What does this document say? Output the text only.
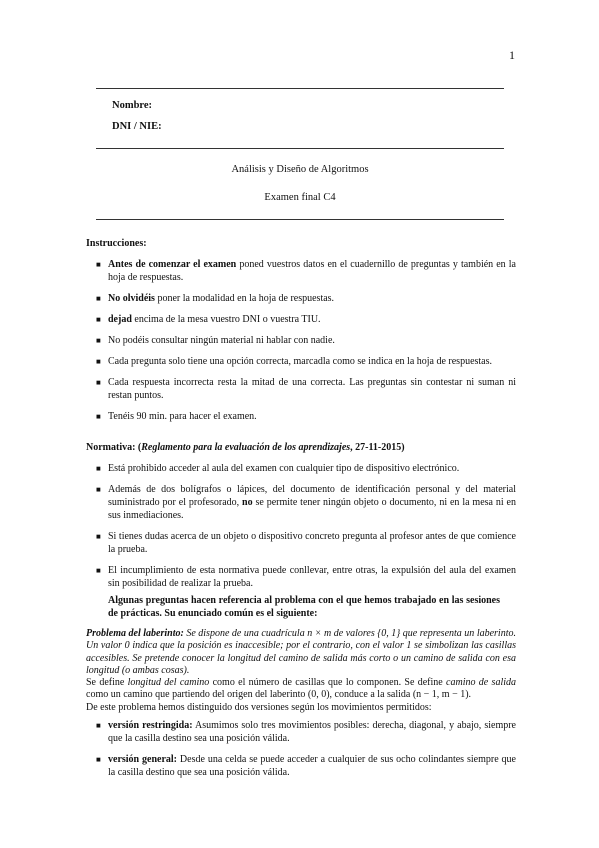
1
Nombre:
DNI / NIE:
Análisis y Diseño de Algoritmos
Examen final C4
Instrucciones:
■ Antes de comenzar el examen poned vuestros datos en el cuadernillo de preguntas y también en la hoja de respuestas.
■ No olvidéis poner la modalidad en la hoja de respuestas.
■ dejad encima de la mesa vuestro DNI o vuestra TIU.
■ No podéis consultar ningún material ni hablar con nadie.
■ Cada pregunta solo tiene una opción correcta, marcadla como se indica en la hoja de respuestas.
■ Cada respuesta incorrecta resta la mitad de una correcta. Las preguntas sin contestar ni suman ni restan puntos.
■ Tenéis 90 min. para hacer el examen.
Normativa: (Reglamento para la evaluación de los aprendizajes, 27-11-2015)
■ Está prohibido acceder al aula del examen con cualquier tipo de dispositivo electrónico.
■ Además de dos bolígrafos o lápices, del documento de identificación personal y del material suministrado por el profesorado, no se permite tener ningún objeto o documento, ni en la mesa ni en sus inmediaciones.
■ Si tienes dudas acerca de un objeto o dispositivo concreto pregunta al profesor antes de que comience la prueba.
■ El incumplimiento de esta normativa puede conllevar, entre otras, la expulsión del aula del examen sin posibilidad de realizar la prueba.
Algunas preguntas hacen referencia al problema con el que hemos trabajado en las sesiones de prácticas. Su enunciado común es el siguiente:
Problema del laberinto: Se dispone de una cuadrícula n × m de valores {0, 1} que representa un laberinto. Un valor 0 indica que la posición es inaccesible; por el contrario, con el valor 1 se simbolizan las casillas accesibles. Se pretende conocer la longitud del camino de salida más corto o un camino de salida con esa longitud (o ambas cosas).
Se define longitud del camino como el número de casillas que lo componen. Se define camino de salida como un camino que partiendo del origen del laberinto (0, 0), conduce a la salida (n − 1, m − 1).
De este problema hemos distinguido dos versiones según los movimientos permitidos:
■ versión restringida: Asumimos solo tres movimientos posibles: derecha, diagonal, y abajo, siempre que la casilla destino sea una posición válida.
■ versión general: Desde una celda se puede acceder a cualquier de sus ocho colindantes siempre que la casilla destino que sea una posición válida.
